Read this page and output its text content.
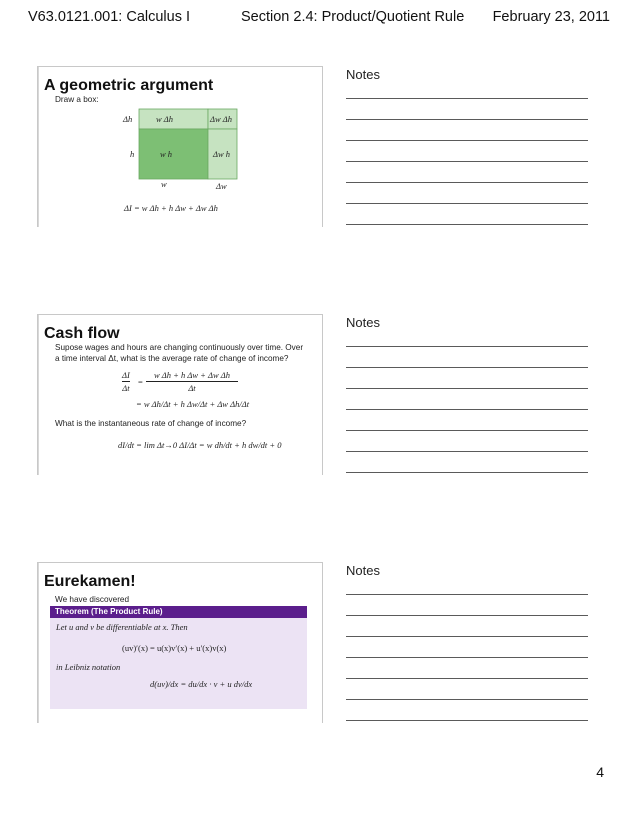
V63.0121.001: Calculus I	Section 2.4: Product/Quotient Rule February 23, 2011
A geometric argument
Draw a box:
Δh
h
w Δh	Δw Δh
w h	Δw h
w	Δw
ΔI = w Δh + h Δw + Δw Δh
Cash flow
Supose wages and hours are changing continuously over time. Over
a time interval Δt, what is the average rate of change of income?
ΔI
Δt
=
w Δh + h Δw + Δw Δh
Δt
= w Δh/Δt + h Δw/Δt + Δw Δh/Δt
What is the instantaneous rate of change of income?
dI/dt = lim Δt→0 ΔI/Δt = w dh/dt + h dw/dt + 0
Eurekamen!
We have discovered
Theorem (The Product Rule)
Let u and v be differentiable at x. Then
(uv)′(x) = u(x)v′(x) + u′(x)v(x)
in Leibniz notation
d(uv)/dx = du/dx · v + u dv/dx
Notes
Notes
Notes
4
